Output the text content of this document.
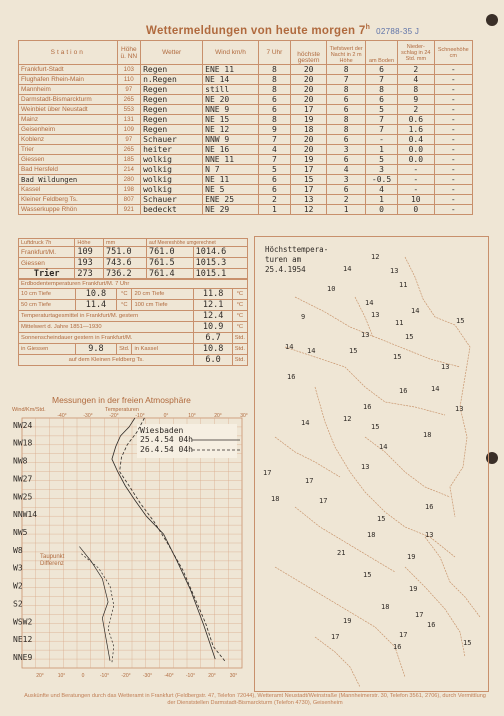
Wettermeldungen von heute morgen 7$^h$ 02788-35 J
Station	Höhe ü. NN	Wetter	Wind km/h	7 Uhr	höchste gestern	Tiefstwert der Nacht in 2 m Höhe	am Boden	Nieder-schlag in 24 Std. mm	Schneehöhe cm
Frankfurt-Stadt	103	Regen	ENE 11	8	20	8	6	2	-
Flughafen Rhein-Main	110	n.Regen	NE 14	8	20	7	7	4	-
Mannheim	97	Regen	still	8	20	8	8	8	-
Darmstadt-Bismarckturm	265	Regen	NE 20	6	20	6	6	9	-
Weinbiet über Neustadt	553	Regen	NNE 9	6	17	6	5	2	-
Mainz	131	Regen	NE 15	8	19	8	7	0.6	-
Geisenheim	109	Regen	NE 12	9	18	8	7	1.6	-
Koblenz	97	Schauer	NNW 9	7	20	6	-	0.4	-
Trier	265	heiter	NE 16	4	20	3	1	0.0	-
Giessen	185	wolkig	NNE 11	7	19	6	5	0.0	-
Bad Hersfeld	214	wolkig	N 7	5	17	4	3	-	-
Bad Wildungen	280	wolkig	NE 11	6	15	3	-0.5	-	-
Kassel	198	wolkig	NE 5	6	17	6	4	-	-
Kleiner Feldberg Ts.	807	Schauer	ENE 25	2	13	2	1	10	-
Wasserkuppe Rhön	921	bedeckt	NE 29	1	12	1	0	0	-
Luftdruck 7h	Höhe	mm	auf Meereshöhe umgerechnet	
Frankfurt/M.	109	751.0	761.0	1014.6
Giessen	193	743.6	761.5	1015.3
Trier	273	736.2	761.4	1015.1
Erdbodentemperaturen Frankfurt/M. 7 Uhr					
10 cm Tiefe	10.8	°C	20 cm Tiefe	11.8	°C
50 cm Tiefe	11.4	°C	100 cm Tiefe	12.1	°C
Temperaturtagesmittel in Frankfurt/M. gestern				12.4	°C
Mittelwert d. Jahre 1851—1930				10.9	°C
Sonnenscheindauer gestern in Frankfurt/M.				6.7	Std.
in Giessen	9.8	Std.	in Kassel	10.8	Std.
auf dem Kleinen Feldberg Ts.				6.0	Std.
Messungen in der freien Atmosphäre
Wind/Km/Std.	Temperaturen
-40°	-30°	-20°	-10°	0°	10°	20°	30°
NW24
NW18
NW8
NW27
NW25
NNW14
NW5
W8
W3
W2
S2
WSW2
NE12
NNE9
20°	10°	0	-10° -20° -30° -40° -10°	20°	30°
Wiesbaden
25.4.54 04h
26.4.54 04h
Taupunkt
Differenz
12
14	13
10	11
14
9	13	14
11	15
13	15
14 14	15
15
16
13
14
16
13
16
14	12
15
18
14
13
17
17
18	17
16
15
18	13
21	19
15
19
18
17
19	16
17
17
16	15
Höchsttempera-
turen am
25.4.1954
Auskünfte und Beratungen durch das Wetteramt in Frankfurt (Feldbergstr. 47, Telefon 72044), Wetteramt Neustadt/Weinstraße (Mannheimerstr. 30, Telefon 3561, 2706), durch Vermittlung der Dienststellen Darmstadt-Bismarckturm (Telefon 4730), Geisenheim
